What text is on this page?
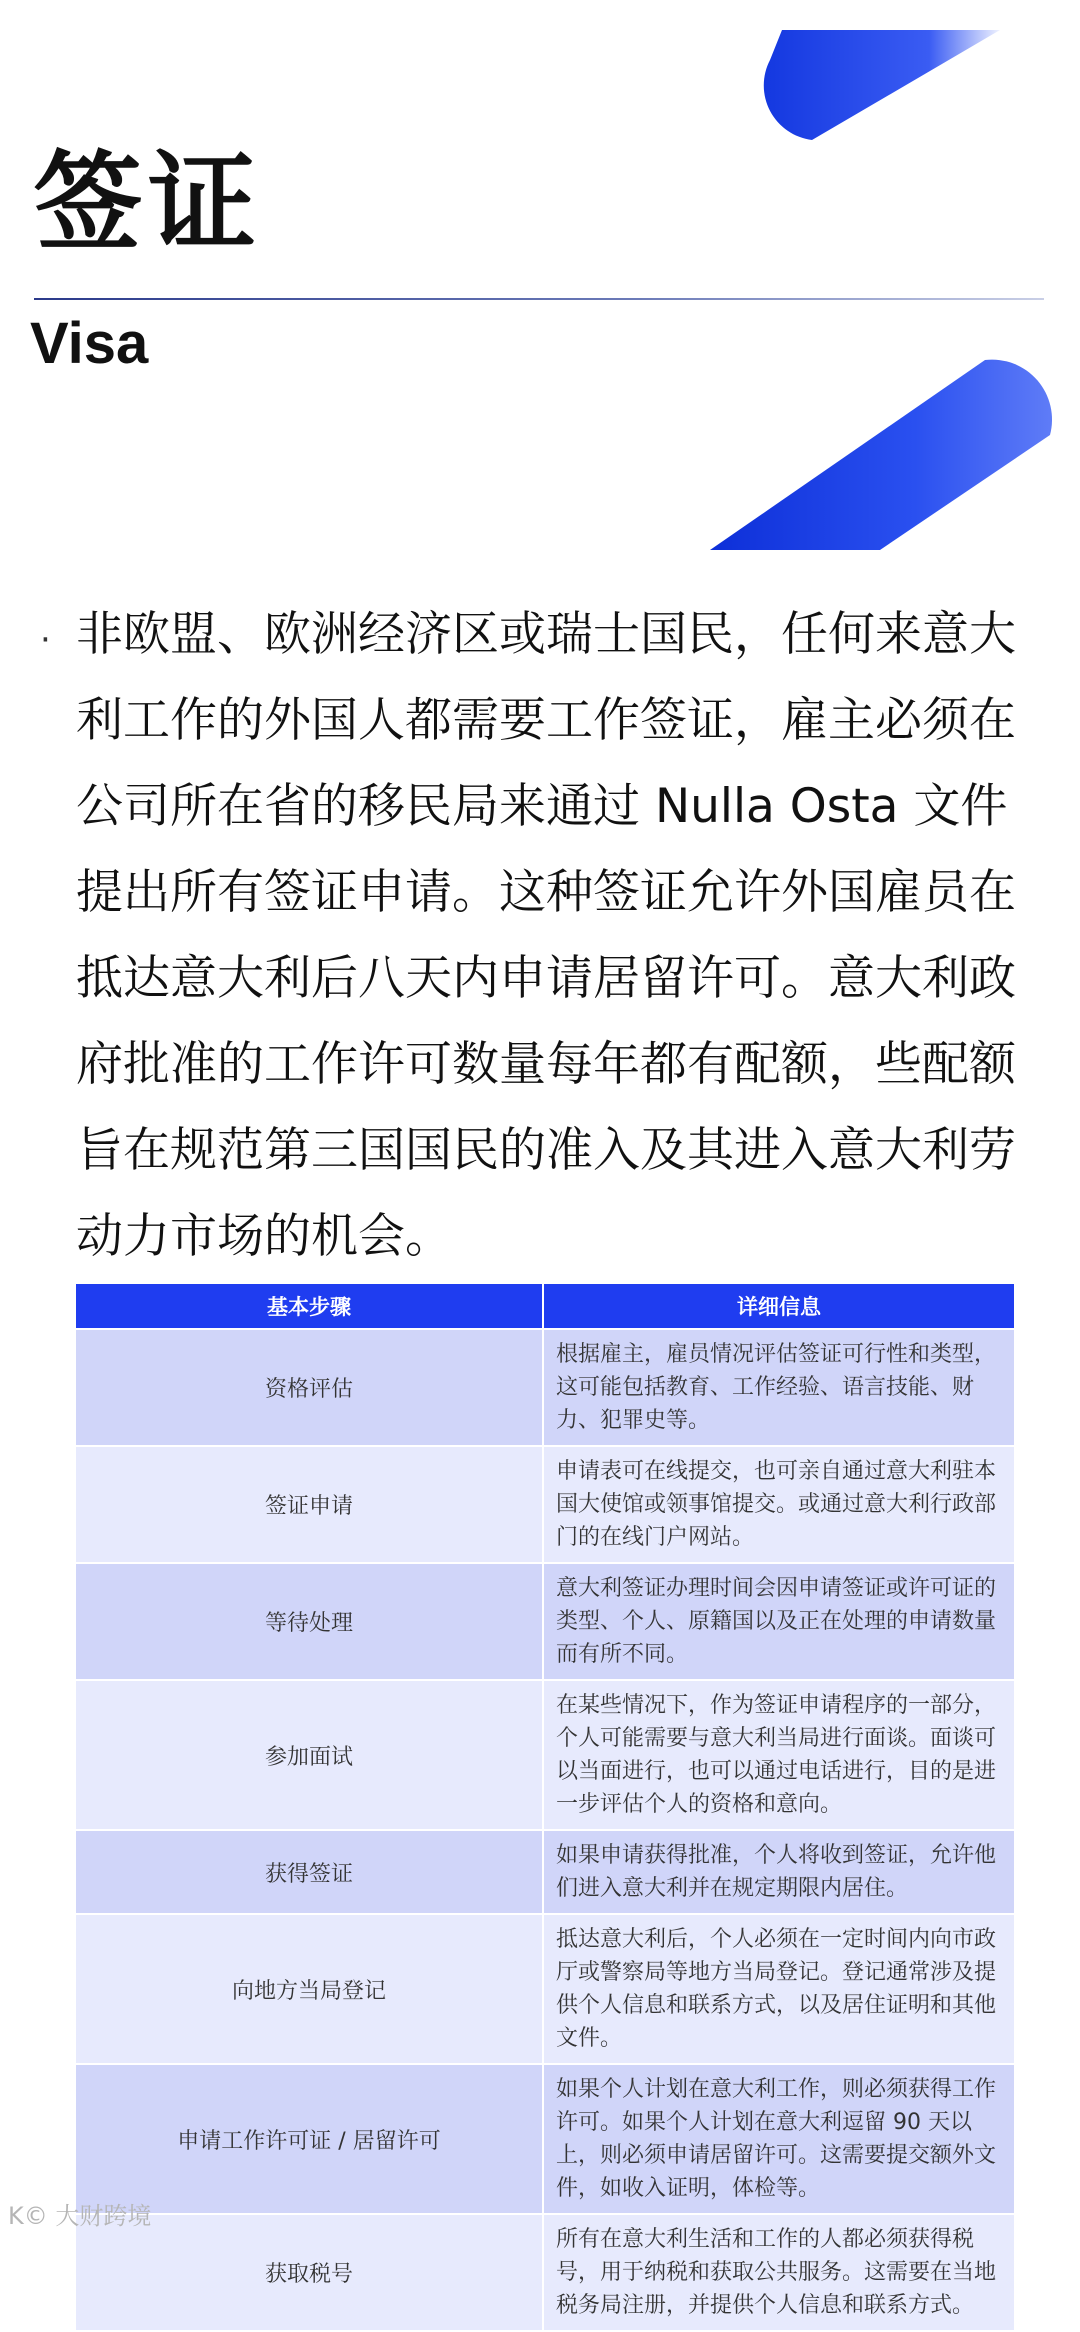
签证
Visa
· 非欧盟、欧洲经济区或瑞士国民，任何来意大利工作的外国人都需要工作签证，雇主必须在公司所在省的移民局来通过 Nulla Osta 文件提出所有签证申请。这种签证允许外国雇员在抵达意大利后八天内申请居留许可。意大利政府批准的工作许可数量每年都有配额，些配额旨在规范第三国国民的准入及其进入意大利劳动力市场的机会。

基本步骤	详细信息
资格评估	根据雇主，雇员情况评估签证可行性和类型，这可能包括教育、工作经验、语言技能、财力、犯罪史等。
签证申请	申请表可在线提交，也可亲自通过意大利驻本国大使馆或领事馆提交。或通过意大利行政部门的在线门户网站。
等待处理	意大利签证办理时间会因申请签证或许可证的类型、个人、原籍国以及正在处理的申请数量而有所不同。
参加面试	在某些情况下，作为签证申请程序的一部分，个人可能需要与意大利当局进行面谈。面谈可以当面进行，也可以通过电话进行，目的是进一步评估个人的资格和意向。
获得签证	如果申请获得批准，个人将收到签证，允许他们进入意大利并在规定期限内居住。
向地方当局登记	抵达意大利后，个人必须在一定时间内向市政厅或警察局等地方当局登记。登记通常涉及提供个人信息和联系方式，以及居住证明和其他文件。
申请工作许可证 / 居留许可	如果个人计划在意大利工作，则必须获得工作许可。如果个人计划在意大利逗留 90 天以上，则必须申请居留许可。这需要提交额外文件，如收入证明，体检等。
获取税号	所有在意大利生活和工作的人都必须获得税号，用于纳税和获取公共服务。这需要在当地税务局注册，并提供个人信息和联系方式。
K© 大财跨境
